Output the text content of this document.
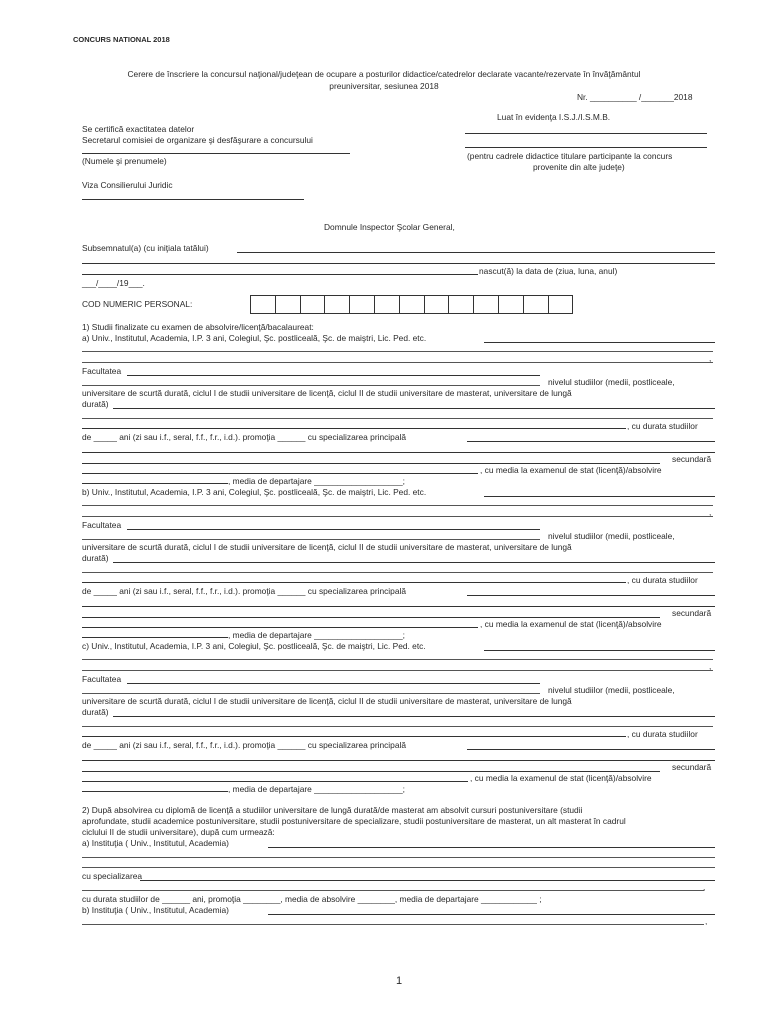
CONCURS NATIONAL 2018
Cerere de înscriere la concursul naţional/judeţean de ocupare a posturilor didactice/catedrelor declarate vacante/rezervate în învăţământul
preuniversitar, sesiunea 2018
Nr. __________ /_______2018
Luat în evidenţa I.S.J./I.S.M.B.
(pentru cadrele didactice titulare participante la concurs
provenite din alte judeţe)
Se certifică exactitatea datelor
Secretarul comisiei de organizare şi desfăşurare a concursului
(Numele şi prenumele)
Viza Consilierului Juridic
Domnule Inspector Şcolar General,
Subsemnatul(a) (cu iniţiala tatălui)
nascut(ă) la data de (ziua, luna, anul)
___/____/19___.
COD NUMERIC PERSONAL:
1) Studii finalizate cu examen de absolvire/licenţă/bacalaureat:
a) Univ., Institutul, Academia, I.P. 3 ani, Colegiul, Şc. postliceală, Şc. de maiştri, Lic. Ped. etc.
,
Facultatea
nivelul studiilor (medii, postliceale,
universitare de scurtă durată, ciclul I de studii universitare de licenţă, ciclul II de studii universitare de masterat, universitare de lungă
durată)
, cu durata studiilor
de _____ ani (zi sau i.f., seral, f.f., f.r., i.d.). promoţia ______ cu specializarea principală
secundară
, cu media la examenul de stat (licenţă)/absolvire
, media de departajare ___________________;
b) Univ., Institutul, Academia, I.P. 3 ani, Colegiul, Şc. postliceală, Şc. de maiştri, Lic. Ped. etc.
,
Facultatea
nivelul studiilor (medii, postliceale,
universitare de scurtă durată, ciclul I de studii universitare de licenţă, ciclul II de studii universitare de masterat, universitare de lungă
durată)
, cu durata studiilor
de _____ ani (zi sau i.f., seral, f.f., f.r., i.d.). promoţia ______ cu specializarea principală
secundară
, cu media la examenul de stat (licenţă)/absolvire
, media de departajare ___________________;
c) Univ., Institutul, Academia, I.P. 3 ani, Colegiul, Şc. postliceală, Şc. de maiştri, Lic. Ped. etc.
,
Facultatea
nivelul studiilor (medii, postliceale,
universitare de scurtă durată, ciclul I de studii universitare de licenţă, ciclul II de studii universitare de masterat, universitare de lungă
durată)
, cu durata studiilor
de _____ ani (zi sau i.f., seral, f.f., f.r., i.d.). promoţia ______ cu specializarea principală
secundară
, cu media la examenul de stat (licenţă)/absolvire
, media de departajare ___________________;
2) După absolvirea cu diplomă de licenţă a studiilor universitare de lungă durată/de masterat am absolvit cursuri postuniversitare (studii
aprofundate, studii academice postuniversitare, studii postuniversitare de specializare, studii postuniversitare de masterat, un alt masterat în cadrul
ciclului II de studii universitare), după cum urmează:
a) Instituţia ( Univ., Institutul, Academia)
cu specializarea
,
cu durata studiilor de ______ ani, promoţia ________, media de absolvire ________, media de departajare ____________ ;
b) Instituţia ( Univ., Institutul, Academia)
,
1
